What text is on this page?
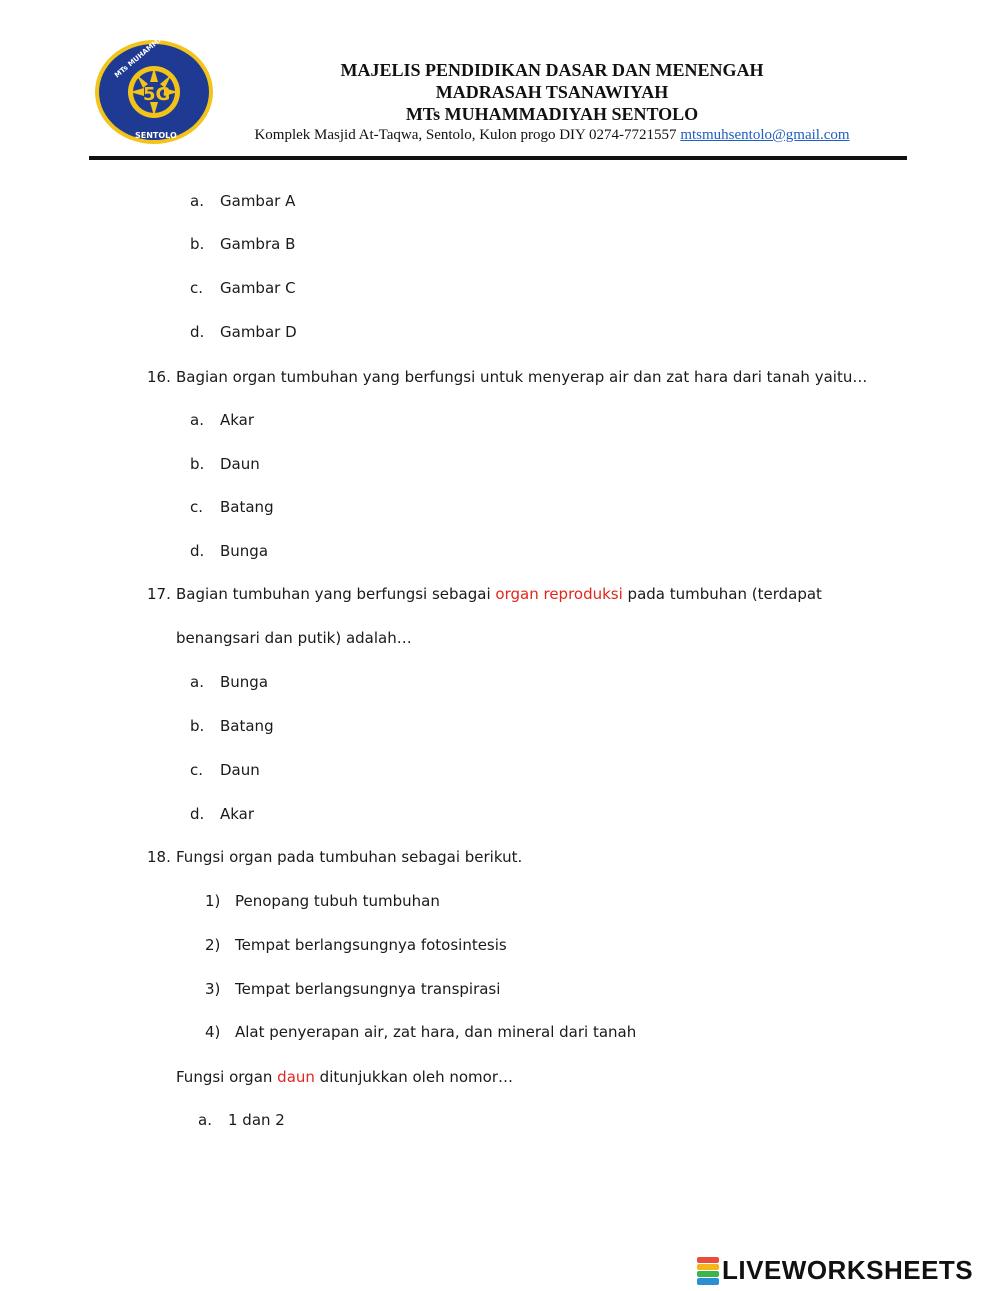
5G
SENTOLO
MAJELIS PENDIDIKAN DASAR DAN MENENGAH
MADRASAH TSANAWIYAH
MTs MUHAMMADIYAH SENTOLO
Komplek Masjid At-Taqwa, Sentolo, Kulon progo DIY 0274-7721557 mtsmuhsentolo@gmail.com
a. Gambar A
b. Gambra B
c. Gambar C
d. Gambar D
16. Bagian organ tumbuhan yang berfungsi untuk menyerap air dan zat hara dari tanah yaitu…
a. Akar
b. Daun
c. Batang
d. Bunga
17. Bagian tumbuhan yang berfungsi sebagai organ reproduksi pada tumbuhan (terdapat
benangsari dan putik) adalah…
a. Bunga
b. Batang
c. Daun
d. Akar
18. Fungsi organ pada tumbuhan sebagai berikut.
1) Penopang tubuh tumbuhan
2) Tempat berlangsungnya fotosintesis
3) Tempat berlangsungnya transpirasi
4) Alat penyerapan air, zat hara, dan mineral dari tanah
Fungsi organ daun ditunjukkan oleh nomor…
a. 1 dan 2
LIVEWORKSHEETS
